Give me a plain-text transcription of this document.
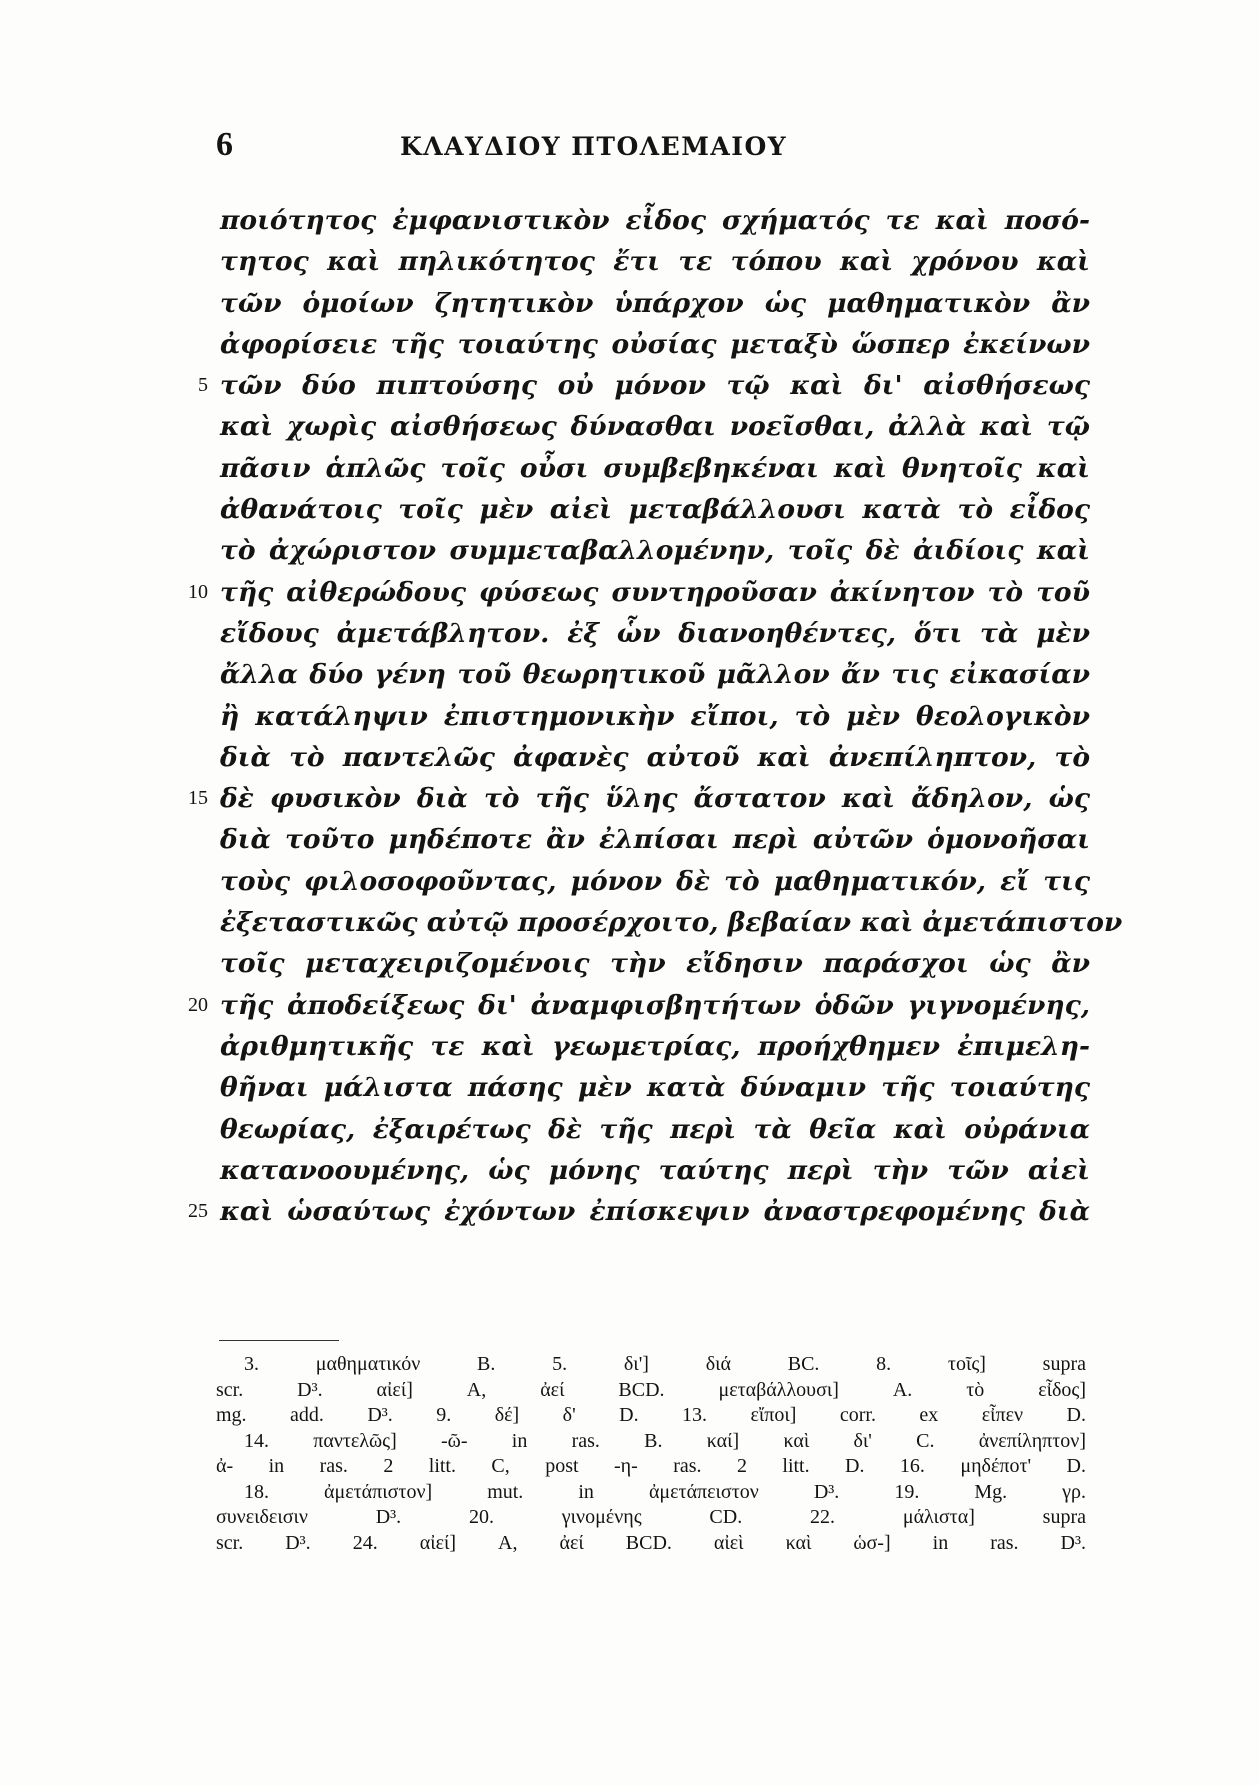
6	ΚΛΑΥΔΙΟΥ ΠΤΟΛΕΜΑΙΟΥ
ποιότητος ἐμφανιστικὸν εἶδος σχήματός τε καὶ ποσό-
τητος καὶ πηλικότητος ἔτι τε τόπου καὶ χρόνου καὶ
τῶν ὁμοίων ζητητικὸν ὑπάρχον ὡς μαθηματικὸν ἂν
ἀφορίσειε τῆς τοιαύτης οὐσίας μεταξὺ ὥσπερ ἐκείνων
5 τῶν δύο πιπτούσης οὐ μόνον τῷ καὶ δι' αἰσθήσεως
καὶ χωρὶς αἰσθήσεως δύνασθαι νοεῖσθαι, ἀλλὰ καὶ τῷ
πᾶσιν ἁπλῶς τοῖς οὖσι συμβεβηκέναι καὶ θνητοῖς καὶ
ἀθανάτοις τοῖς μὲν αἰεὶ μεταβάλλουσι κατὰ τὸ εἶδος
τὸ ἀχώριστον συμμεταβαλλομένην, τοῖς δὲ ἀιδίοις καὶ
10 τῆς αἰθερώδους φύσεως συντηροῦσαν ἀκίνητον τὸ τοῦ
εἴδους ἀμετάβλητον. ἐξ ὧν διανοηθέντες, ὅτι τὰ μὲν
ἄλλα δύο γένη τοῦ θεωρητικοῦ μᾶλλον ἄν τις εἰκασίαν
ἢ κατάληψιν ἐπιστημονικὴν εἴποι, τὸ μὲν θεολογικὸν
διὰ τὸ παντελῶς ἀφανὲς αὐτοῦ καὶ ἀνεπίληπτον, τὸ
15 δὲ φυσικὸν διὰ τὸ τῆς ὕλης ἄστατον καὶ ἄδηλον, ὡς
διὰ τοῦτο μηδέποτε ἂν ἐλπίσαι περὶ αὐτῶν ὁμονοῆσαι
τοὺς φιλοσοφοῦντας, μόνον δὲ τὸ μαθηματικόν, εἴ τις
ἐξεταστικῶς αὐτῷ προσέρχοιτο, βεβαίαν καὶ ἀμετάπιστον
τοῖς μεταχειριζομένοις τὴν εἴδησιν παράσχοι ὡς ἂν
20 τῆς ἀποδείξεως δι' ἀναμφισβητήτων ὁδῶν γιγνομένης,
ἀριθμητικῆς τε καὶ γεωμετρίας, προήχθημεν ἐπιμελη-
θῆναι μάλιστα πάσης μὲν κατὰ δύναμιν τῆς τοιαύτης
θεωρίας, ἐξαιρέτως δὲ τῆς περὶ τὰ θεῖα καὶ οὐράνια
κατανοουμένης, ὡς μόνης ταύτης περὶ τὴν τῶν αἰεὶ
25 καὶ ὡσαύτως ἐχόντων ἐπίσκεψιν ἀναστρεφομένης διὰ
3. μαθηματικόν B. 5. δι'] διά BC. 8. τοῖς] supra
scr. D³. αἰεί] A, ἀεί BCD. μεταβάλλουσι] A. τὸ εἶδος]
mg. add. D³. 9. δέ] δ' D. 13. εἴποι] corr. ex εἶπεν D.
14. παντελῶς] -ῶ- in ras. B. καί] καὶ δι' C. ἀνεπίληπτον]
ἀ- in ras. 2 litt. C, post -η- ras. 2 litt. D. 16. μηδέποτ' D.
18. ἀμετάπιστον] mut. in ἀμετάπειστον D³. 19. Mg. γρ.
συνειδεισιν D³. 20. γινομένης CD. 22. μάλιστα] supra
scr. D³. 24. αἰεί] A, ἀεί BCD. αἰεὶ καὶ ὡσ-] in ras. D³.
